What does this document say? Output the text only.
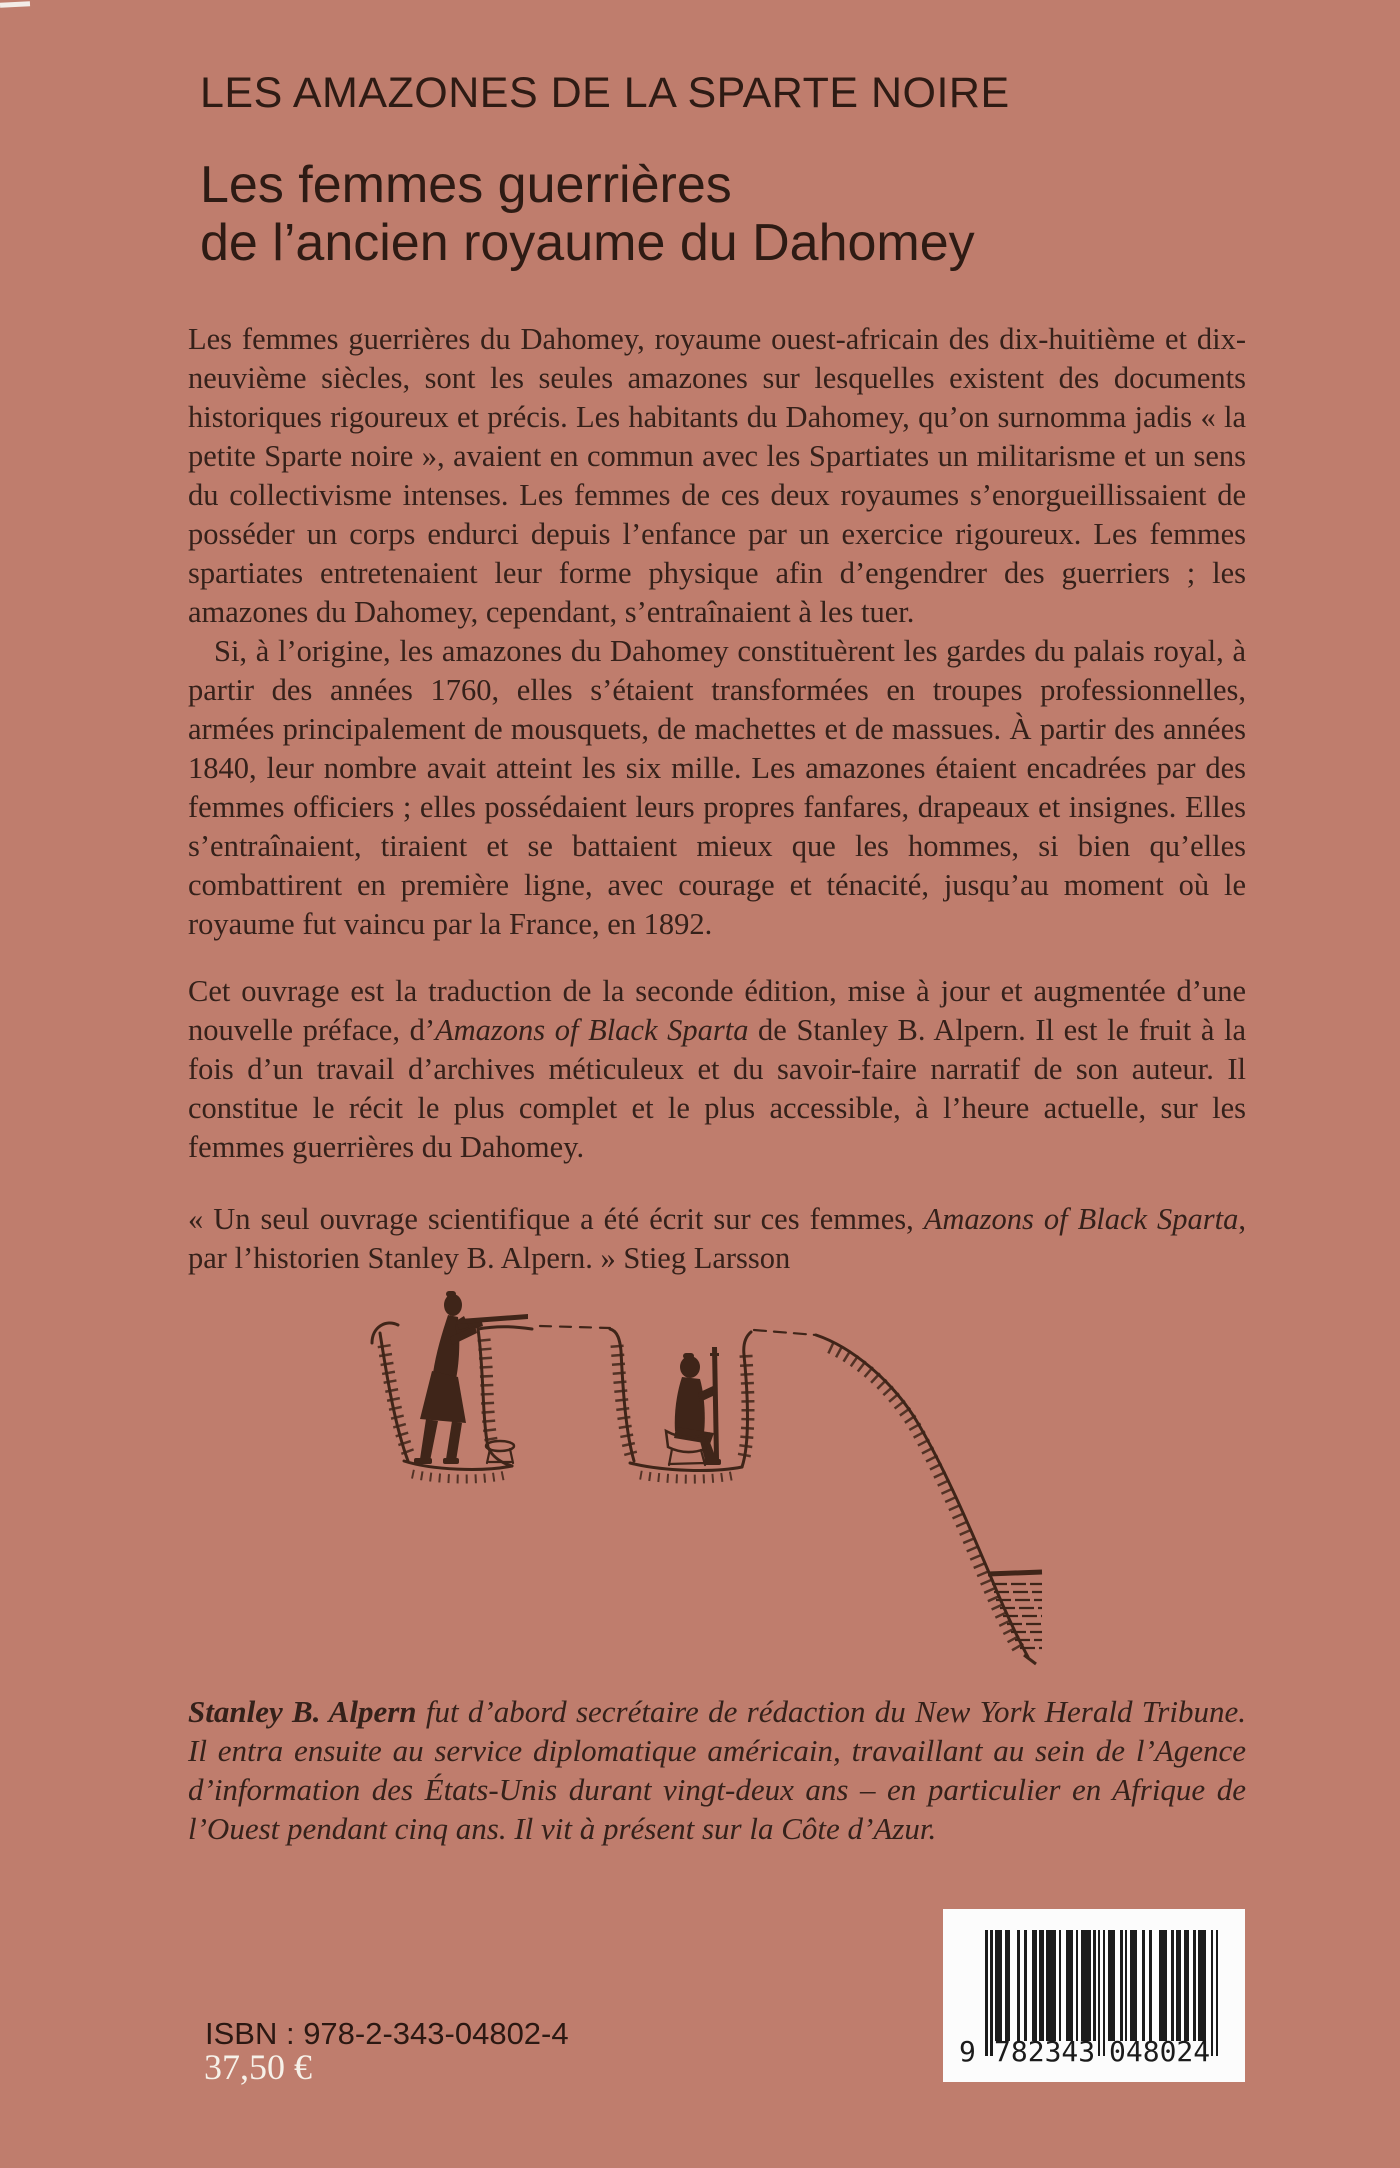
LES AMAZONES DE LA SPARTE NOIRE
Les femmes guerrières
de l’ancien royaume du Dahomey

Les femmes guerrières du Dahomey, royaume ouest-africain des dix-huitième et dix-neuvième siècles, sont les seules amazones sur lesquelles existent des documents historiques rigoureux et précis. Les habitants du Dahomey, qu’on surnomma jadis « la petite Sparte noire », avaient en commun avec les Spartiates un militarisme et un sens du collectivisme intenses. Les femmes de ces deux royaumes s’enorgueillissaient de posséder un corps endurci depuis l’enfance par un exercice rigoureux. Les femmes spartiates entretenaient leur forme physique afin d’engendrer des guerriers ; les amazones du Dahomey, cependant, s’entraînaient à les tuer.

Si, à l’origine, les amazones du Dahomey constituèrent les gardes du palais royal, à partir des années 1760, elles s’étaient transformées en troupes professionnelles, armées principalement de mousquets, de machettes et de massues. À partir des années 1840, leur nombre avait atteint les six mille. Les amazones étaient encadrées par des femmes officiers ; elles possédaient leurs propres fanfares, drapeaux et insignes. Elles s’entraînaient, tiraient et se battaient mieux que les hommes, si bien qu’elles combattirent en première ligne, avec courage et ténacité, jusqu’au moment où le royaume fut vaincu par la France, en 1892.

Cet ouvrage est la traduction de la seconde édition, mise à jour et augmentée d’une nouvelle préface, d’Amazons of Black Sparta de Stanley B. Alpern. Il est le fruit à la fois d’un travail d’archives méticuleux et du savoir-faire narratif de son auteur. Il constitue le récit le plus complet et le plus accessible, à l’heure actuelle, sur les femmes guerrières du Dahomey.

« Un seul ouvrage scientifique a été écrit sur ces femmes, Amazons of Black Sparta, par l’historien Stanley B. Alpern. » Stieg Larsson

Stanley B. Alpern fut d’abord secrétaire de rédaction du New York Herald Tribune. Il entra ensuite au service diplomatique américain, travaillant au sein de l’Agence d’information des États-Unis durant vingt-deux ans – en particulier en Afrique de l’Ouest pendant cinq ans. Il vit à présent sur la Côte d’Azur.
ISBN : 978-2-343-04802-4
37,50 €	9 782343 048024
